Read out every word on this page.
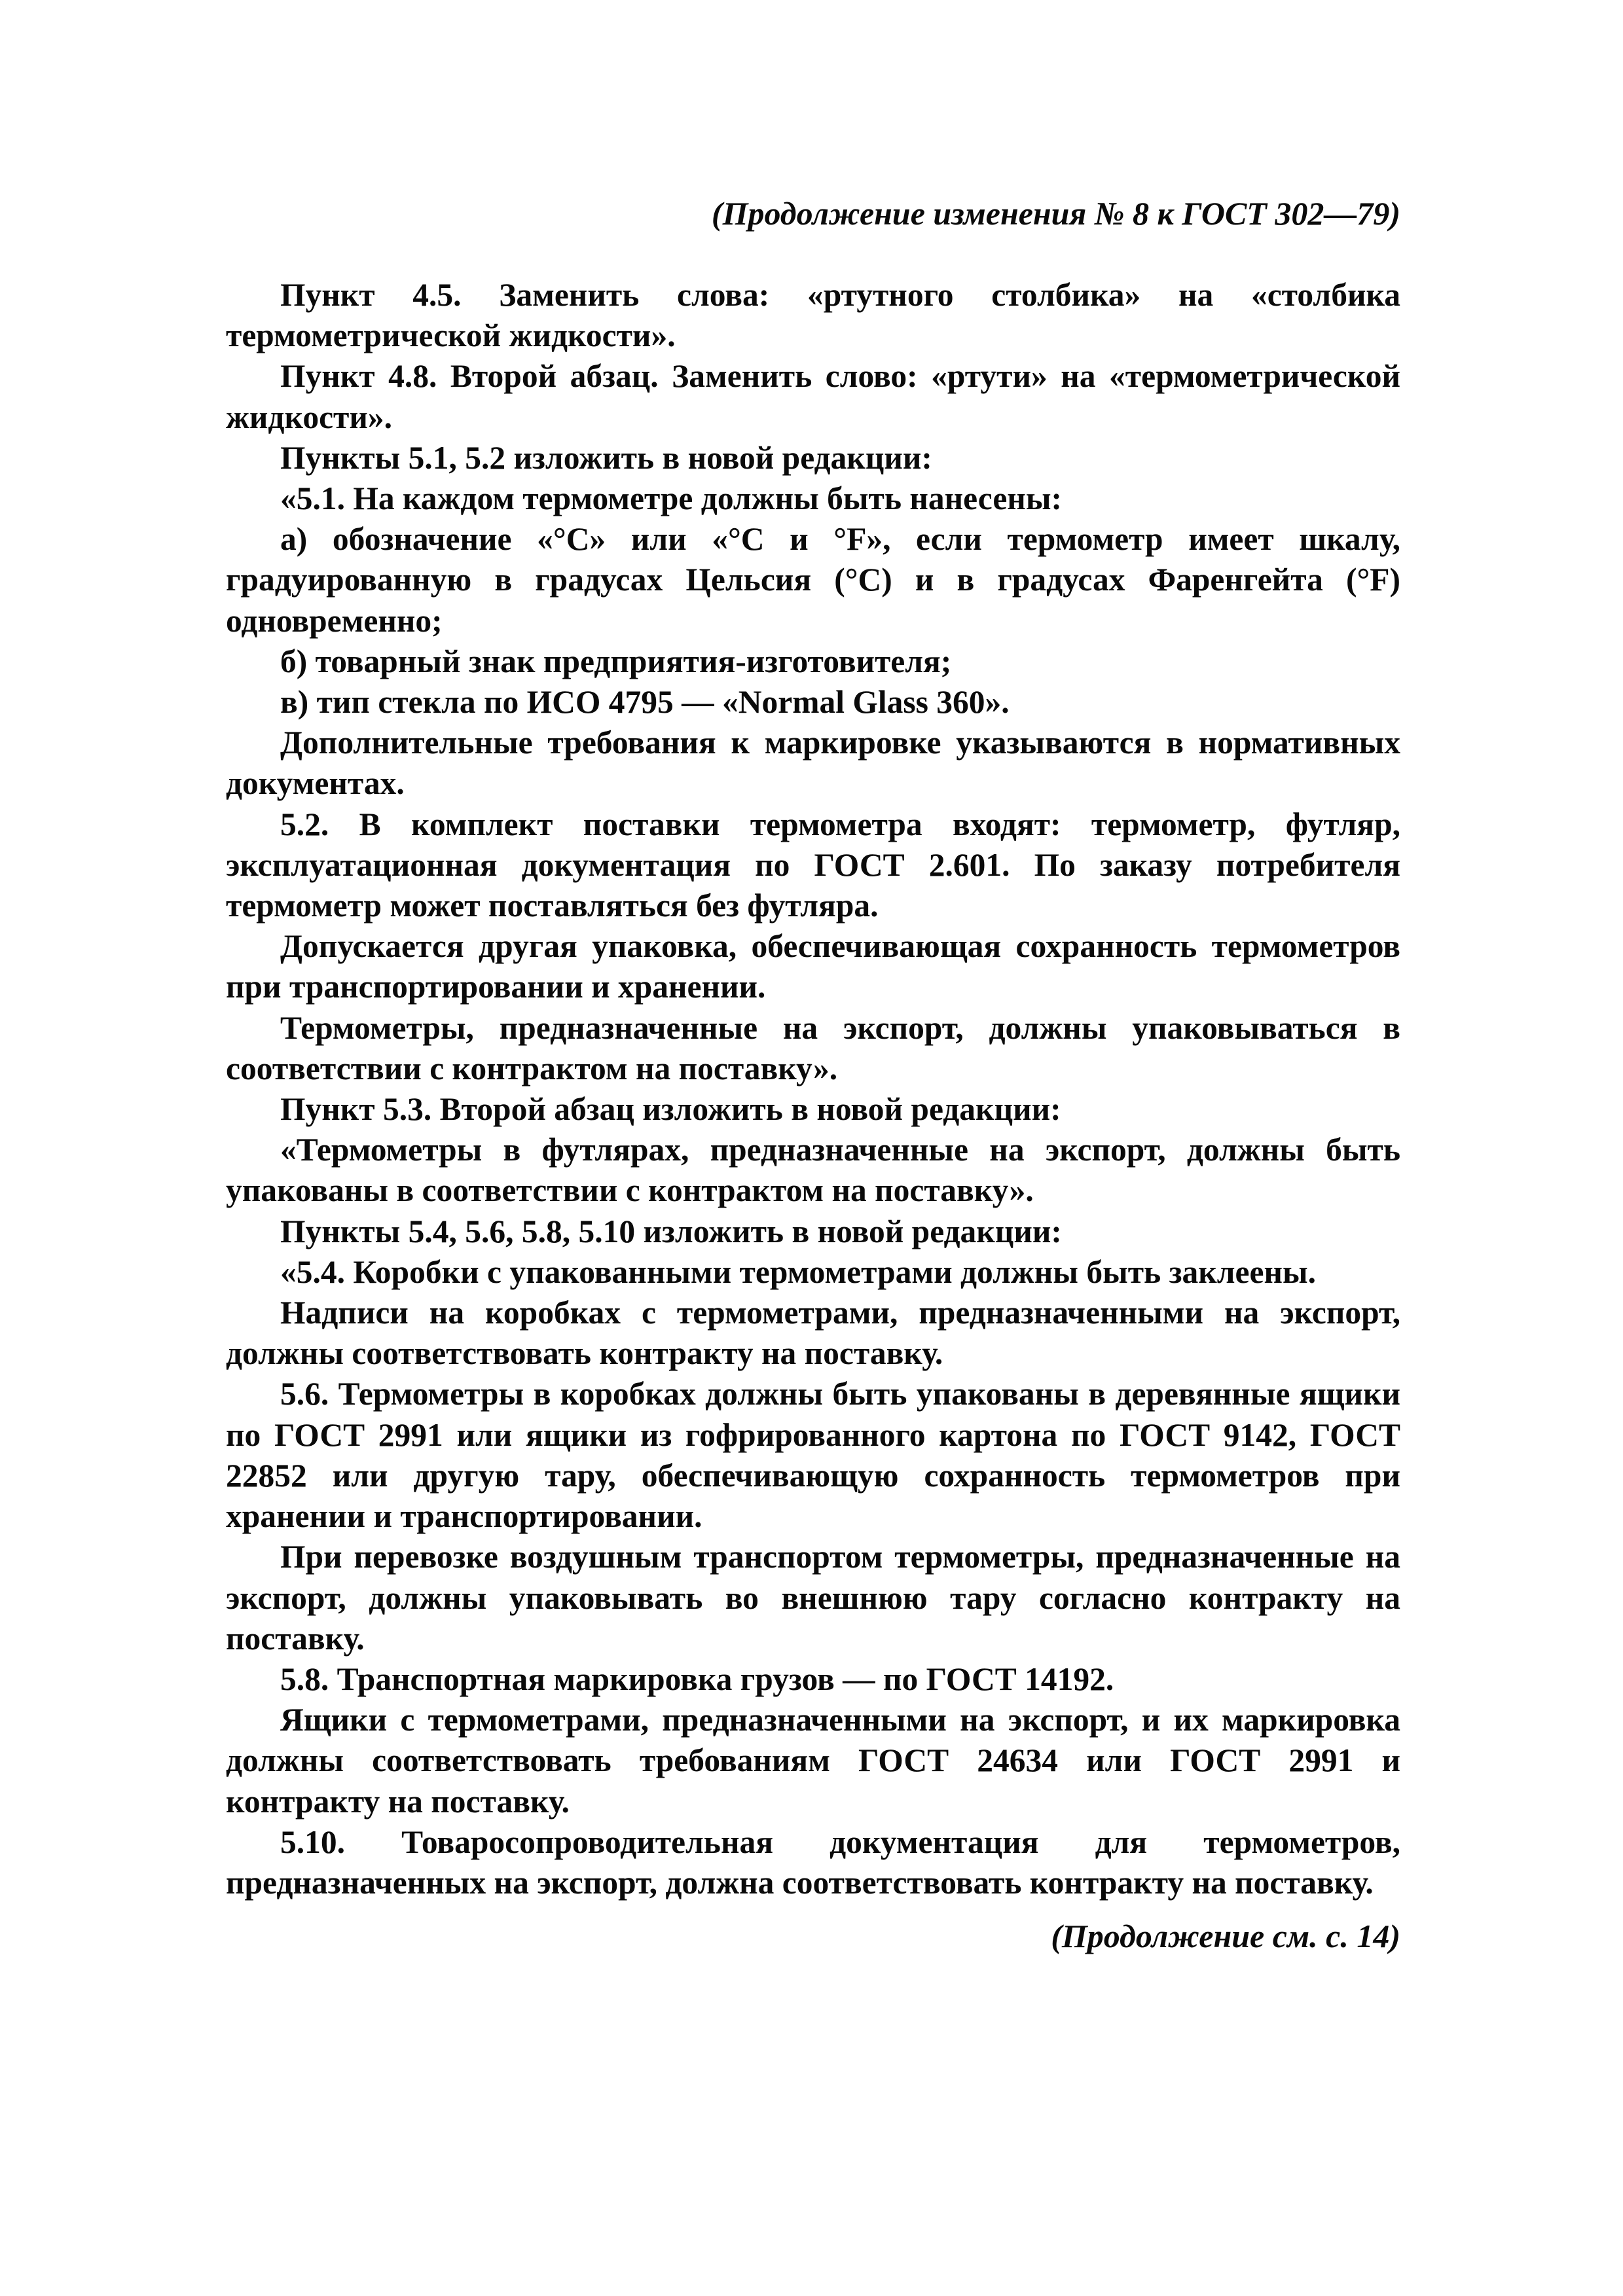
(Продолжение изменения № 8 к ГОСТ 302—79)

Пункт 4.5. Заменить слова: «ртутного столбика» на «столбика термометрической жидкости».

Пункт 4.8. Второй абзац. Заменить слово: «ртути» на «термометрической жидкости».

Пункты 5.1, 5.2 изложить в новой редакции:

«5.1. На каждом термометре должны быть нанесены:

а) обозначение «°С» или «°С и °F», если термометр имеет шкалу, градуированную в градусах Цельсия (°С) и в градусах Фаренгейта (°F) одновременно;

б) товарный знак предприятия-изготовителя;

в) тип стекла по ИСО 4795 — «Normal Glass 360».

Дополнительные требования к маркировке указываются в нормативных документах.

5.2. В комплект поставки термометра входят: термометр, футляр, эксплуатационная документация по ГОСТ 2.601. По заказу потребителя термометр может поставляться без футляра.

Допускается другая упаковка, обеспечивающая сохранность термометров при транспортировании и хранении.

Термометры, предназначенные на экспорт, должны упаковываться в соответствии с контрактом на поставку».

Пункт 5.3. Второй абзац изложить в новой редакции:

«Термометры в футлярах, предназначенные на экспорт, должны быть упакованы в соответствии с контрактом на поставку».

Пункты 5.4, 5.6, 5.8, 5.10 изложить в новой редакции:

«5.4. Коробки с упакованными термометрами должны быть заклеены.

Надписи на коробках с термометрами, предназначенными на экспорт, должны соответствовать контракту на поставку.

5.6. Термометры в коробках должны быть упакованы в деревянные ящики по ГОСТ 2991 или ящики из гофрированного картона по ГОСТ 9142, ГОСТ 22852 или другую тару, обеспечивающую сохранность термометров при хранении и транспортировании.

При перевозке воздушным транспортом термометры, предназначенные на экспорт, должны упаковывать во внешнюю тару согласно контракту на поставку.

5.8. Транспортная маркировка грузов — по ГОСТ 14192.

Ящики с термометрами, предназначенными на экспорт, и их маркировка должны соответствовать требованиям ГОСТ 24634 или ГОСТ 2991 и контракту на поставку.

5.10. Товаросопроводительная документация для термометров, предназначенных на экспорт, должна соответствовать контракту на поставку.

(Продолжение см. с. 14)
